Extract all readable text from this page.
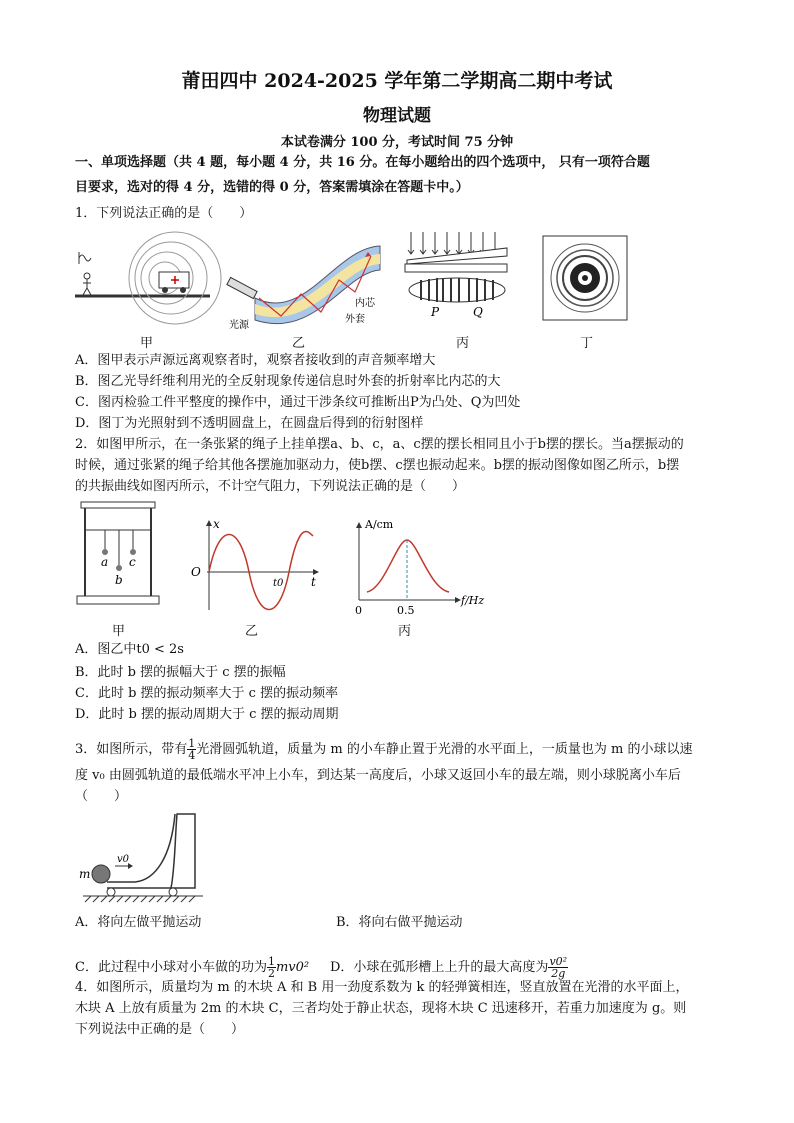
莆田四中 2024-2025 学年第二学期高二期中考试
物理试题
本试卷满分 100 分，考试时间 75 分钟
一、单项选择题（共 4 题，每小题 4 分，共 16 分。在每小题给出的四个选项中， 只有一项符合题
目要求，选对的得 4 分，选错的得 0 分，答案需填涂在答题卡中。）
1．下列说法正确的是（　　）
光源
内芯
外套
P	Q
甲	乙	丙	丁
A．图甲表示声源远离观察者时，观察者接收到的声音频率增大
B．图乙光导纤维利用光的全反射现象传递信息时外套的折射率比内芯的大
C．图丙检验工件平整度的操作中，通过干涉条纹可推断出P为凸处、Q为凹处
D．图丁为光照射到不透明圆盘上，在圆盘后得到的衍射图样
2．如图甲所示，在一条张紧的绳子上挂单摆a、b、c，a、c摆的摆长相同且小于b摆的摆长。当a摆振动的
时候，通过张紧的绳子给其他各摆施加驱动力，使b摆、c摆也振动起来。b摆的振动图像如图乙所示，b摆
的共振曲线如图丙所示，不计空气阻力，下列说法正确的是（　　）
a
b
c
x
O
t0 t
A/cm
0	0.5
f/Hz
甲	乙	丙
A．图乙中t0 < 2s
B．此时 b 摆的振幅大于 c 摆的振幅
C．此时 b 摆的振动频率大于 c 摆的振动频率
D．此时 b 摆的振动周期大于 c 摆的振动周期
3．如图所示，带有 $\frac{1}{4}$ 光滑圆弧轨道，质量为 m 的小车静止置于光滑的水平面上，一质量也为 m 的小球以速
度 v₀ 由圆弧轨道的最低端水平冲上小车，到达某一高度后，小球又返回小车的最左端，则小球脱离小车后
（　　）
m
v0
A．将向左做平抛运动	B．将向右做平抛运动
C．此过程中小球对小车做的功为 $\frac{1}{2} mv0^2$ D．小球在弧形槽上上升的最大高度为 $\frac{\text{v0²}}{2g}$
4．如图所示，质量均为 m 的木块 A 和 B 用一劲度系数为 k 的轻弹簧相连，竖直放置在光滑的水平面上，
木块 A 上放有质量为 2m 的木块 C，三者均处于静止状态，现将木块 C 迅速移开，若重力加速度为 g。则
下列说法中正确的是（　　）
